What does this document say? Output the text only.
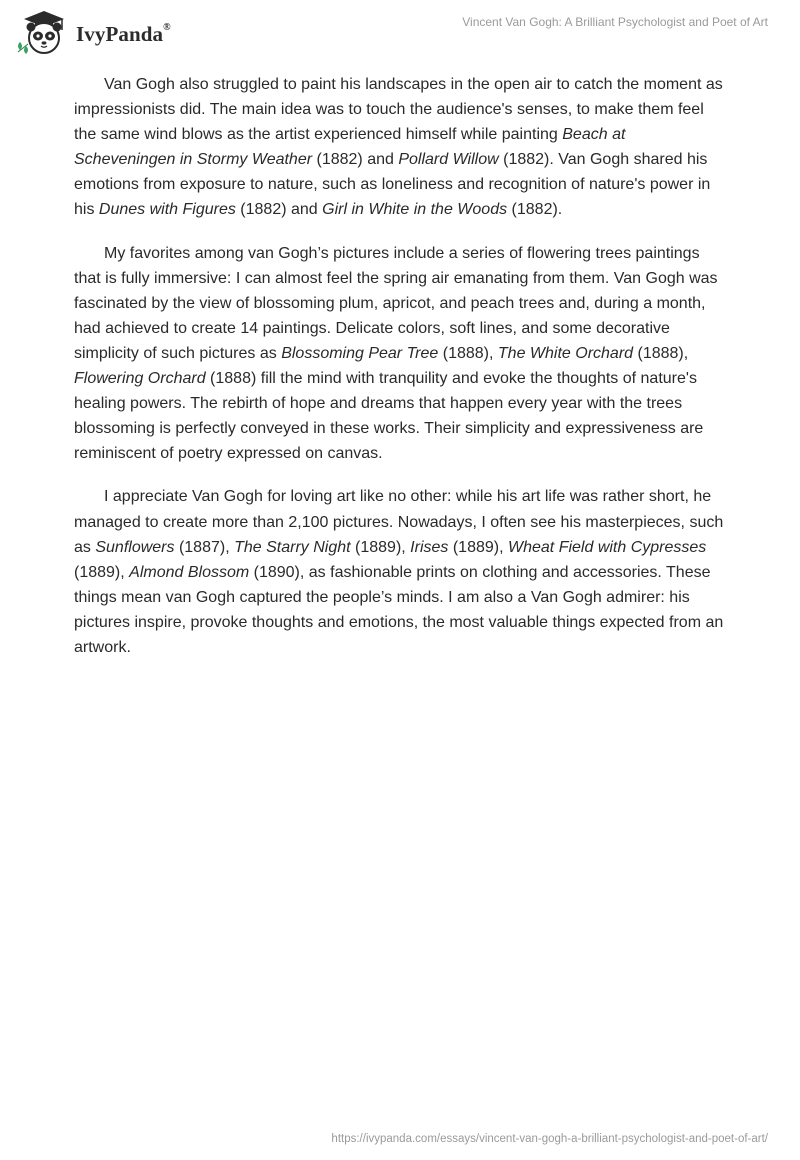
IvyPanda®	Vincent Van Gogh: A Brilliant Psychologist and Poet of Art

Van Gogh also struggled to paint his landscapes in the open air to catch the moment as impressionists did. The main idea was to touch the audience's senses, to make them feel the same wind blows as the artist experienced himself while painting Beach at Scheveningen in Stormy Weather (1882) and Pollard Willow (1882). Van Gogh shared his emotions from exposure to nature, such as loneliness and recognition of nature's power in his Dunes with Figures (1882) and Girl in White in the Woods (1882).

My favorites among van Gogh’s pictures include a series of flowering trees paintings that is fully immersive: I can almost feel the spring air emanating from them. Van Gogh was fascinated by the view of blossoming plum, apricot, and peach trees and, during a month, had achieved to create 14 paintings. Delicate colors, soft lines, and some decorative simplicity of such pictures as Blossoming Pear Tree (1888), The White Orchard (1888), Flowering Orchard (1888) fill the mind with tranquility and evoke the thoughts of nature's healing powers. The rebirth of hope and dreams that happen every year with the trees blossoming is perfectly conveyed in these works. Their simplicity and expressiveness are reminiscent of poetry expressed on canvas.

I appreciate Van Gogh for loving art like no other: while his art life was rather short, he managed to create more than 2,100 pictures. Nowadays, I often see his masterpieces, such as Sunflowers (1887), The Starry Night (1889), Irises (1889), Wheat Field with Cypresses (1889), Almond Blossom (1890), as fashionable prints on clothing and accessories. These things mean van Gogh captured the people’s minds. I am also a Van Gogh admirer: his pictures inspire, provoke thoughts and emotions, the most valuable things expected from an artwork.

https://ivypanda.com/essays/vincent-van-gogh-a-brilliant-psychologist-and-poet-of-art/
